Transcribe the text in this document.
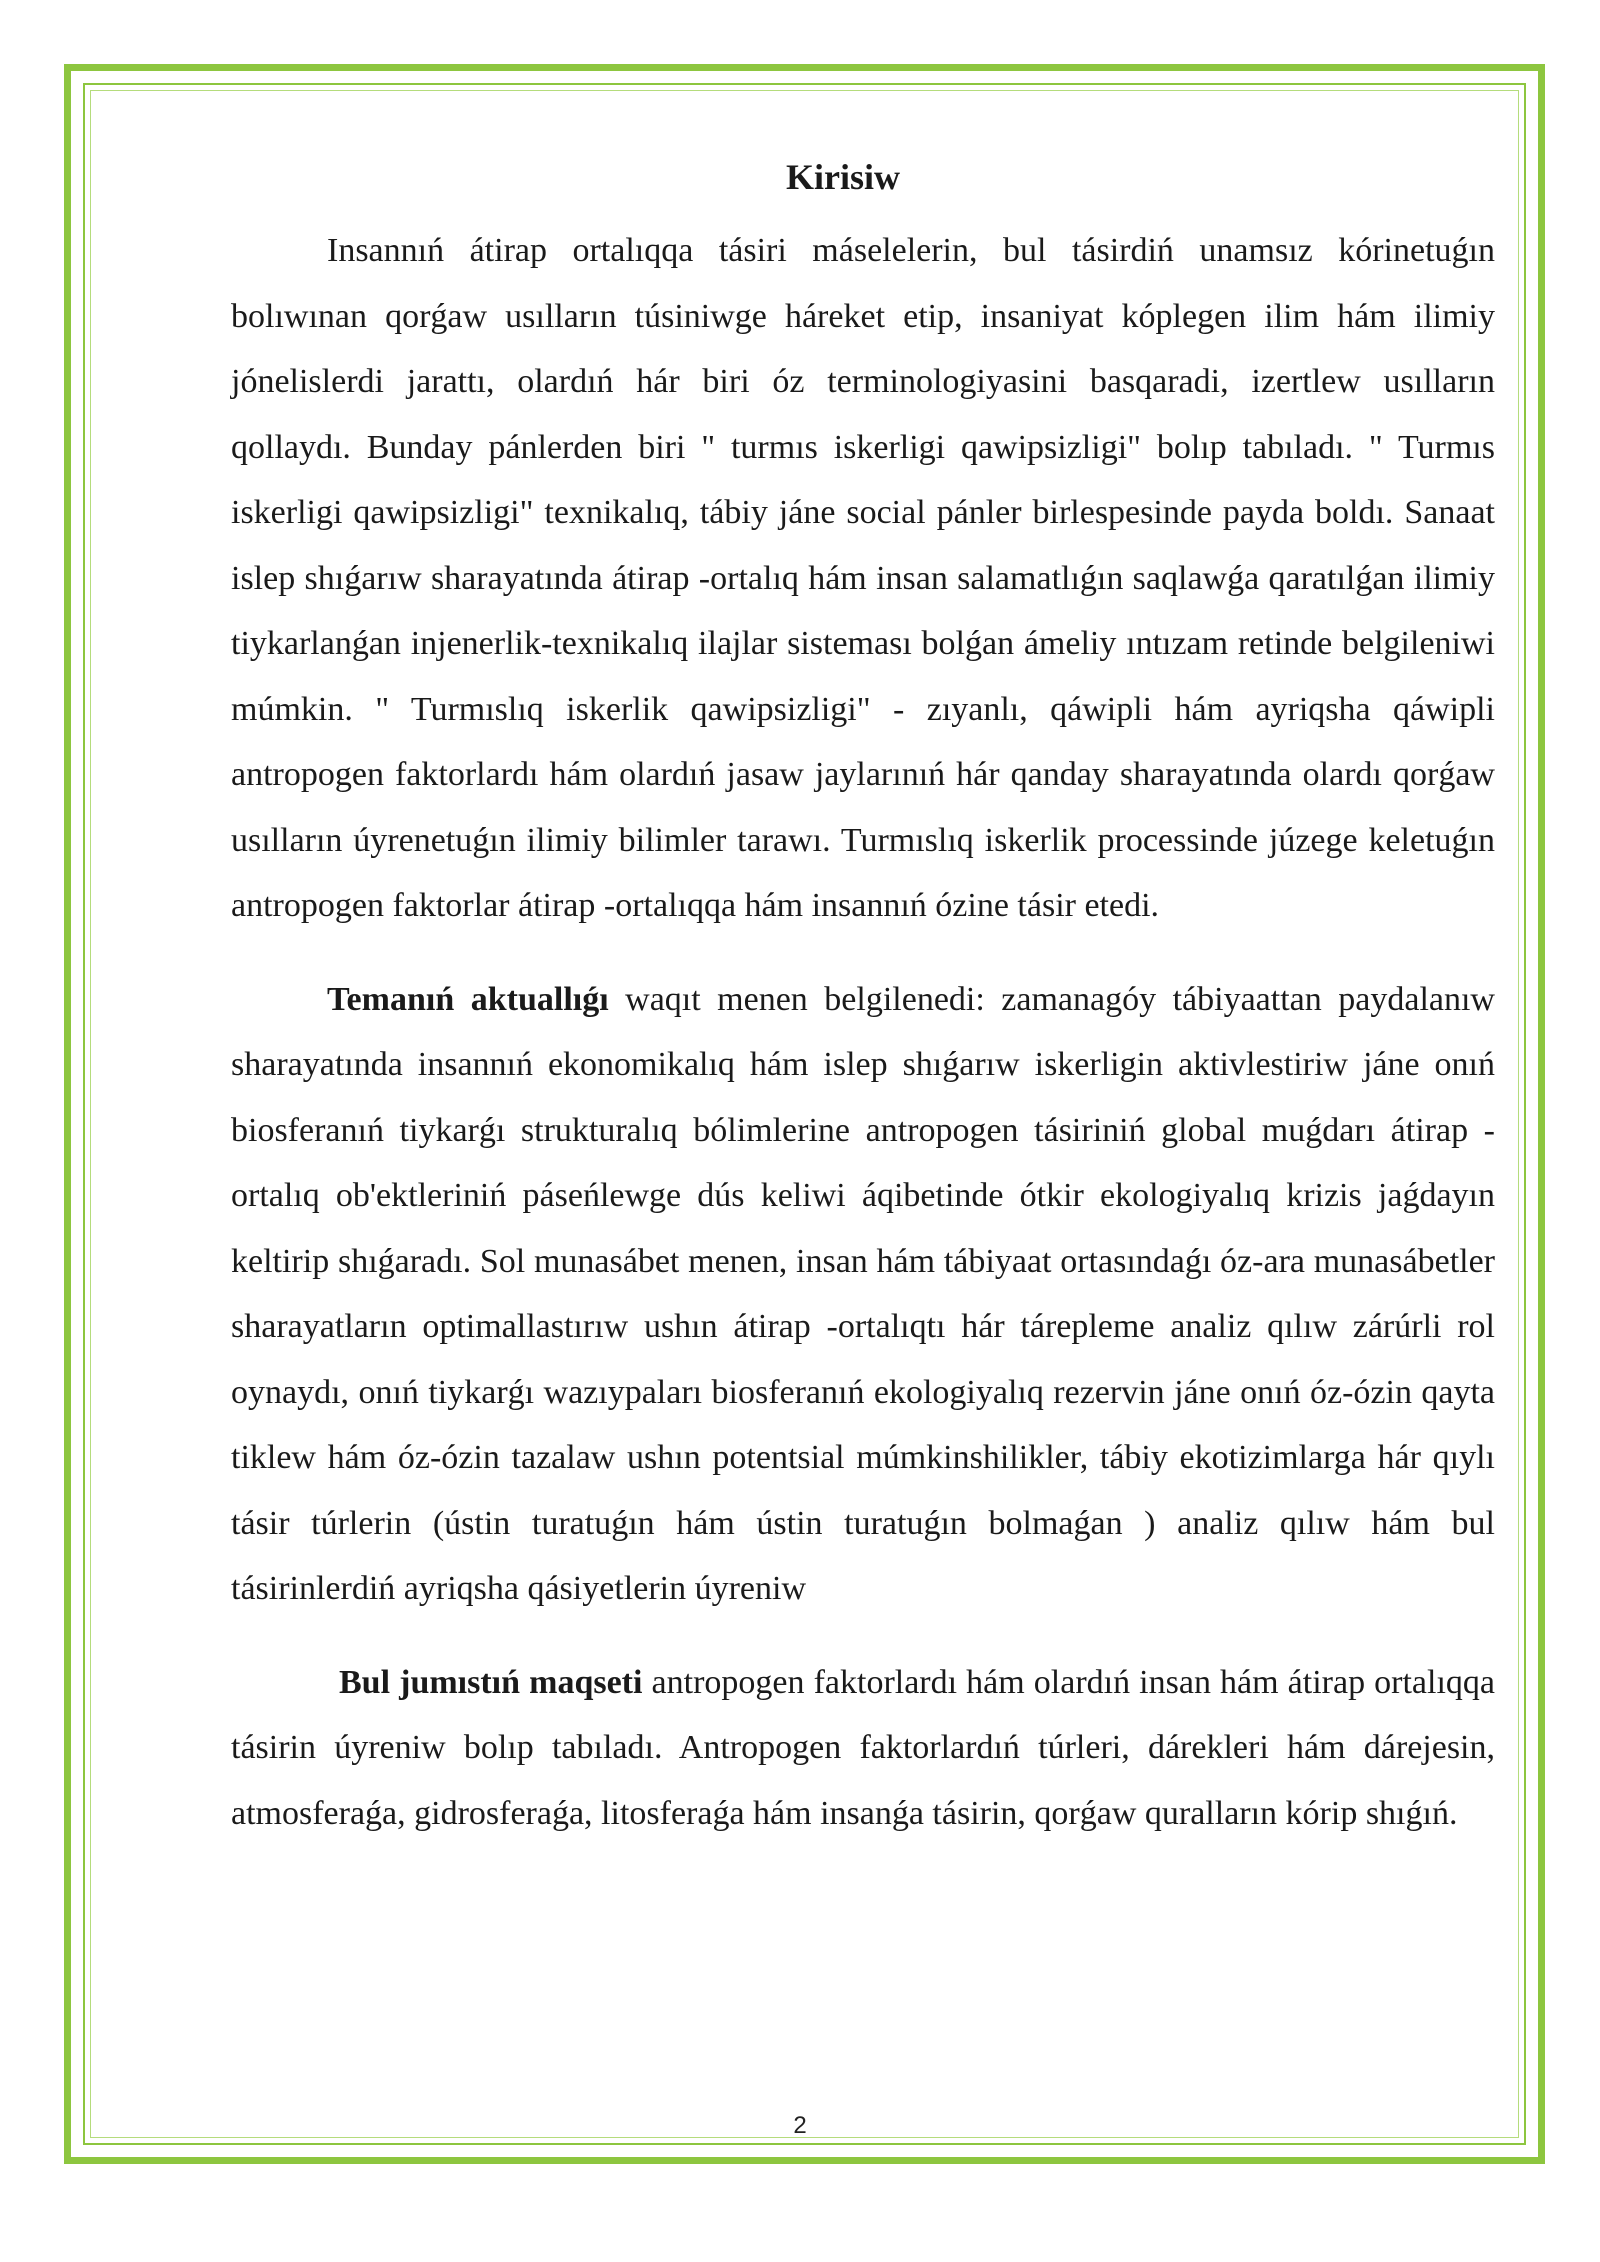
Kirisiw

Insannıń átirap ortalıqqa tásiri máselelerin, bul tásirdiń unamsız kórinetuǵın bolıwınan qorǵaw usılların túsiniwge háreket etip, insaniyat kóplegen ilim hám ilimiy jónelislerdi jarattı, olardıń hár biri óz terminologiyasini basqaradi, izertlew usılların qollaydı. Bunday pánlerden biri " turmıs iskerligi qawipsizligi" bolıp tabıladı. " Turmıs iskerligi qawipsizligi" texnikalıq, tábiy jáne social pánler birlespesinde payda boldı. Sanaat islep shıǵarıw sharayatında átirap -ortalıq hám insan salamatlıǵın saqlawǵa qaratılǵan ilimiy tiykarlanǵan injenerlik-texnikalıq ilajlar sisteması bolǵan ámeliy ıntızam retinde belgileniwi múmkin. " Turmıslıq iskerlik qawipsizligi" - zıyanlı, qáwipli hám ayriqsha qáwipli antropogen faktorlardı hám olardıń jasaw jaylarınıń hár qanday sharayatında olardı qorǵaw usılların úyrenetuǵın ilimiy bilimler tarawı. Turmıslıq iskerlik processinde júzege keletuǵın antropogen faktorlar átirap -ortalıqqa hám insannıń ózine tásir etedi.

Temanıń aktuallıǵı waqıt menen belgilenedi: zamanagóy tábiyaattan paydalanıw sharayatında insannıń ekonomikalıq hám islep shıǵarıw iskerligin aktivlestiriw jáne onıń biosferanıń tiykarǵı strukturalıq bólimlerine antropogen tásiriniń global muǵdarı átirap -ortalıq ob'ektleriniń páseńlewge dús keliwi áqibetinde ótkir ekologiyalıq krizis jaǵdayın keltirip shıǵaradı. Sol munasábet menen, insan hám tábiyaat ortasındaǵı óz-ara munasábetler sharayatların optimallastırıw ushın átirap -ortalıqtı hár tárepleme analiz qılıw zárúrli rol oynaydı, onıń tiykarǵı wazıypaları biosferanıń ekologiyalıq rezervin jáne onıń óz-ózin qayta tiklew hám óz-ózin tazalaw ushın potentsial múmkinshilikler, tábiy ekotizimlarga hár qıylı tásir túrlerin (ústin turatuǵın hám ústin turatuǵın bolmaǵan ) analiz qılıw hám bul tásirinlerdiń ayriqsha qásiyetlerin úyreniw

Bul jumıstıń maqseti antropogen faktorlardı hám olardıń insan hám átirap ortalıqqa tásirin úyreniw bolıp tabıladı. Antropogen faktorlardıń túrleri, dárekleri hám dárejesin, atmosferaǵa, gidrosferaǵa, litosferaǵa hám insanǵa tásirin, qorǵaw quralların kórip shıǵıń.

2
